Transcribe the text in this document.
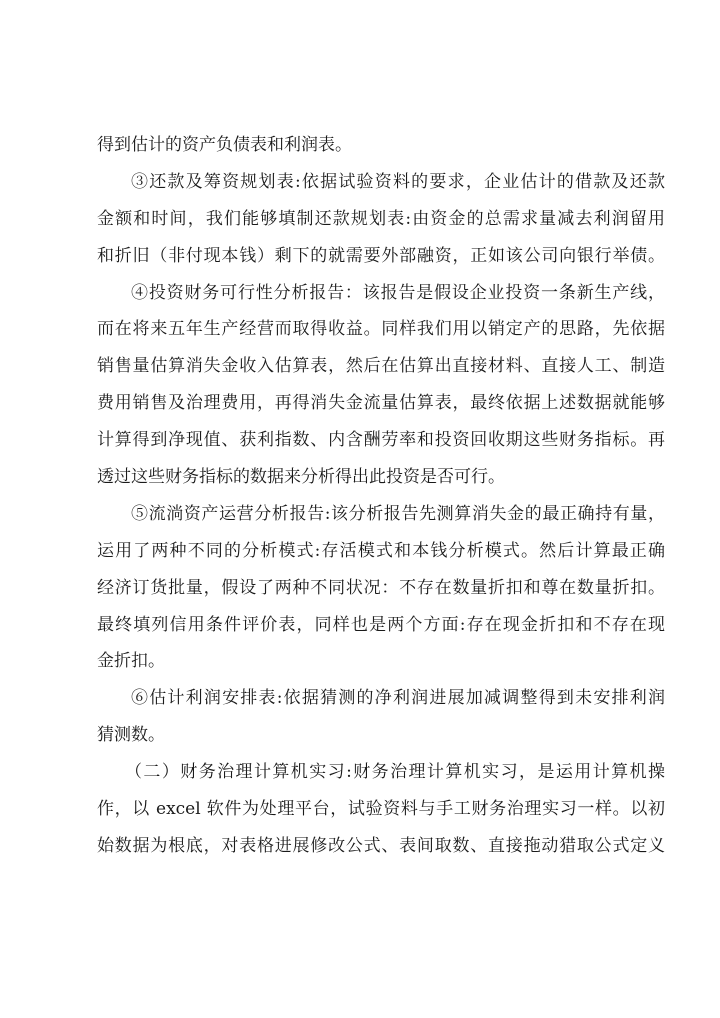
得到估计的资产负债表和利润表。
③还款及筹资规划表:依据试验资料的要求，企业估计的借款及还款
金额和时间，我们能够填制还款规划表:由资金的总需求量减去利润留用
和折旧（非付现本钱）剩下的就需要外部融资，正如该公司向银行举债。
④投资财务可行性分析报告：该报告是假设企业投资一条新生产线，
而在将来五年生产经营而取得收益。同样我们用以销定产的思路，先依据
销售量估算消失金收入估算表，然后在估算出直接材料、直接人工、制造
费用销售及治理费用，再得消失金流量估算表，最终依据上述数据就能够
计算得到净现值、获利指数、内含酬劳率和投资回收期这些财务指标。再
透过这些财务指标的数据来分析得出此投资是否可行。
⑤流淌资产运营分析报告:该分析报告先测算消失金的最正确持有量，
运用了两种不同的分析模式:存活模式和本钱分析模式。然后计算最正确
经济订货批量，假设了两种不同状况：不存在数量折扣和尊在数量折扣。
最终填列信用条件评价表，同样也是两个方面:存在现金折扣和不存在现
金折扣。
⑥估计利润安排表:依据猜测的净利润进展加减调整得到未安排利润
猜测数。
（二）财务治理计算机实习:财务治理计算机实习，是运用计算机操
作，以 excel 软件为处理平台，试验资料与手工财务治理实习一样。以初
始数据为根底，对表格进展修改公式、表间取数、直接拖动猎取公式定义
